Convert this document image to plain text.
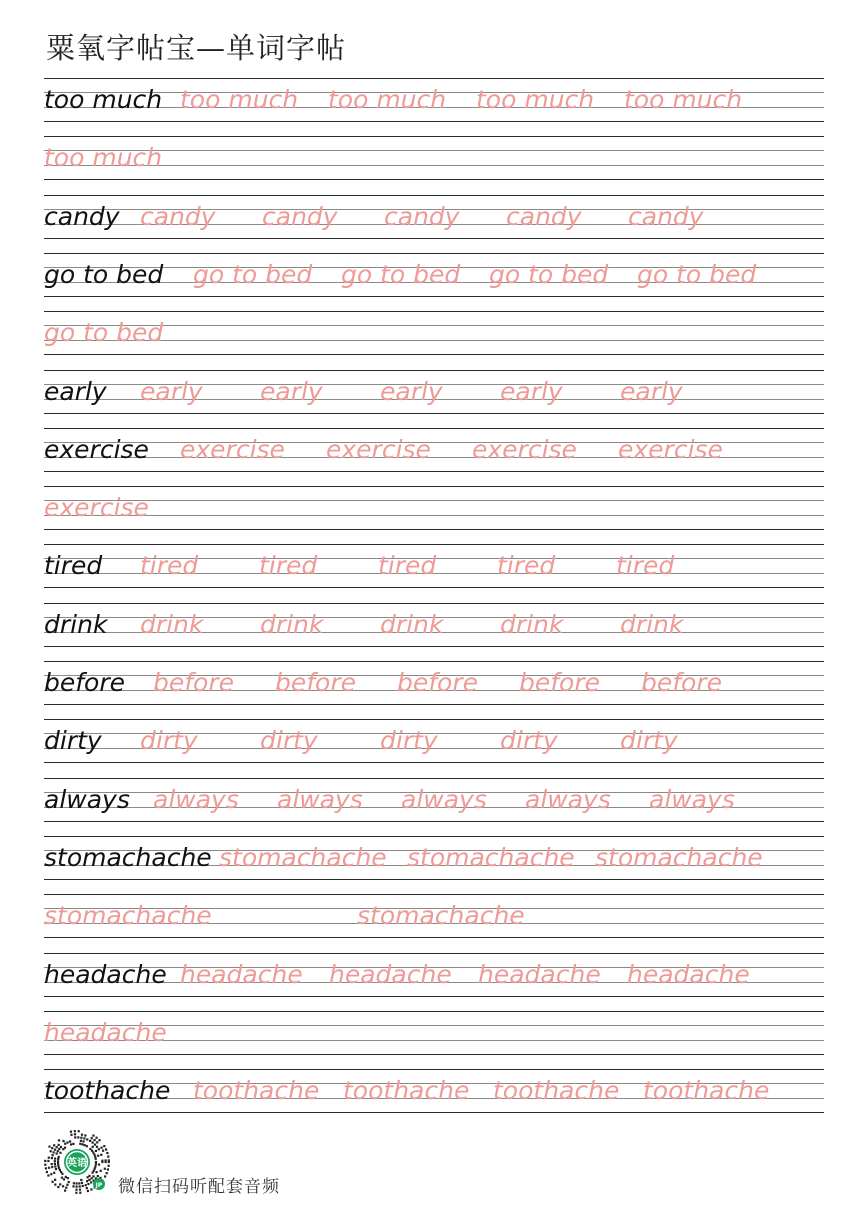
粟氧字帖宝—单词字帖
too much too much too much too much too much
too much
candy candy candy candy candy candy
go to bed go to bed go to bed go to bed go to bed
go to bed
early early early early early early
exercise exercise exercise exercise exercise
exercise
tired tired tired tired tired tired
drink drink drink drink drink drink
before before before before before before
dirty dirty dirty dirty dirty dirty
always always always always always always
stomachache stomachache stomachache stomachache
stomachache	stomachache
headache headache headache headache headache
headache
toothache toothache toothache toothache toothache
英语
JP 微信扫码听配套音频
